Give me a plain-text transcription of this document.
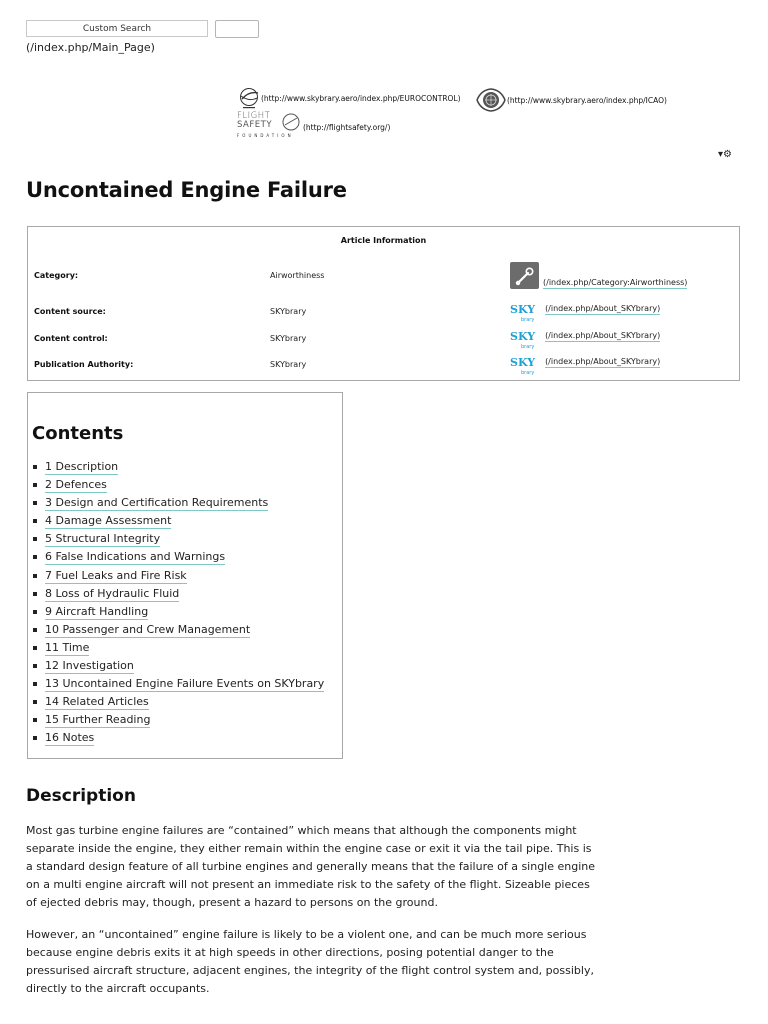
Custom Search
(/index.php/Main_Page)
(http://www.skybrary.aero/index.php/EUROCONTROL)	(http://www.skybrary.aero/index.php/ICAO)
FLIGHT
SAFETY
FOUNDATION
(http://flightsafety.org/)
▾⚙
Uncontained Engine Failure
Article Information
Category:	Airworthiness
(/index.php/Category:Airworthiness)
Content source:	SKYbrary	SKY
brary
(/index.php/About_SKYbrary)
Content control:	SKYbrary	SKY
brary
(/index.php/About_SKYbrary)
Publication Authority:	SKYbrary	SKY
brary
(/index.php/About_SKYbrary)
Contents
1 Description
2 Defences
3 Design and Certification Requirements
4 Damage Assessment
5 Structural Integrity
6 False Indications and Warnings
7 Fuel Leaks and Fire Risk
8 Loss of Hydraulic Fluid
9 Aircraft Handling
10 Passenger and Crew Management
11 Time
12 Investigation
13 Uncontained Engine Failure Events on SKYbrary
14 Related Articles
15 Further Reading
16 Notes
Description

Most gas turbine engine failures are “contained” which means that although the components might separate inside the engine, they either remain within the engine case or exit it via the tail pipe. This is a standard design feature of all turbine engines and generally means that the failure of a single engine on a multi engine aircraft will not present an immediate risk to the safety of the flight. Sizeable pieces of ejected debris may, though, present a hazard to persons on the ground.

However, an “uncontained” engine failure is likely to be a violent one, and can be much more serious because engine debris exits it at high speeds in other directions, posing potential danger to the pressurised aircraft structure, adjacent engines, the integrity of the flight control system and, possibly, directly to the aircraft occupants.
